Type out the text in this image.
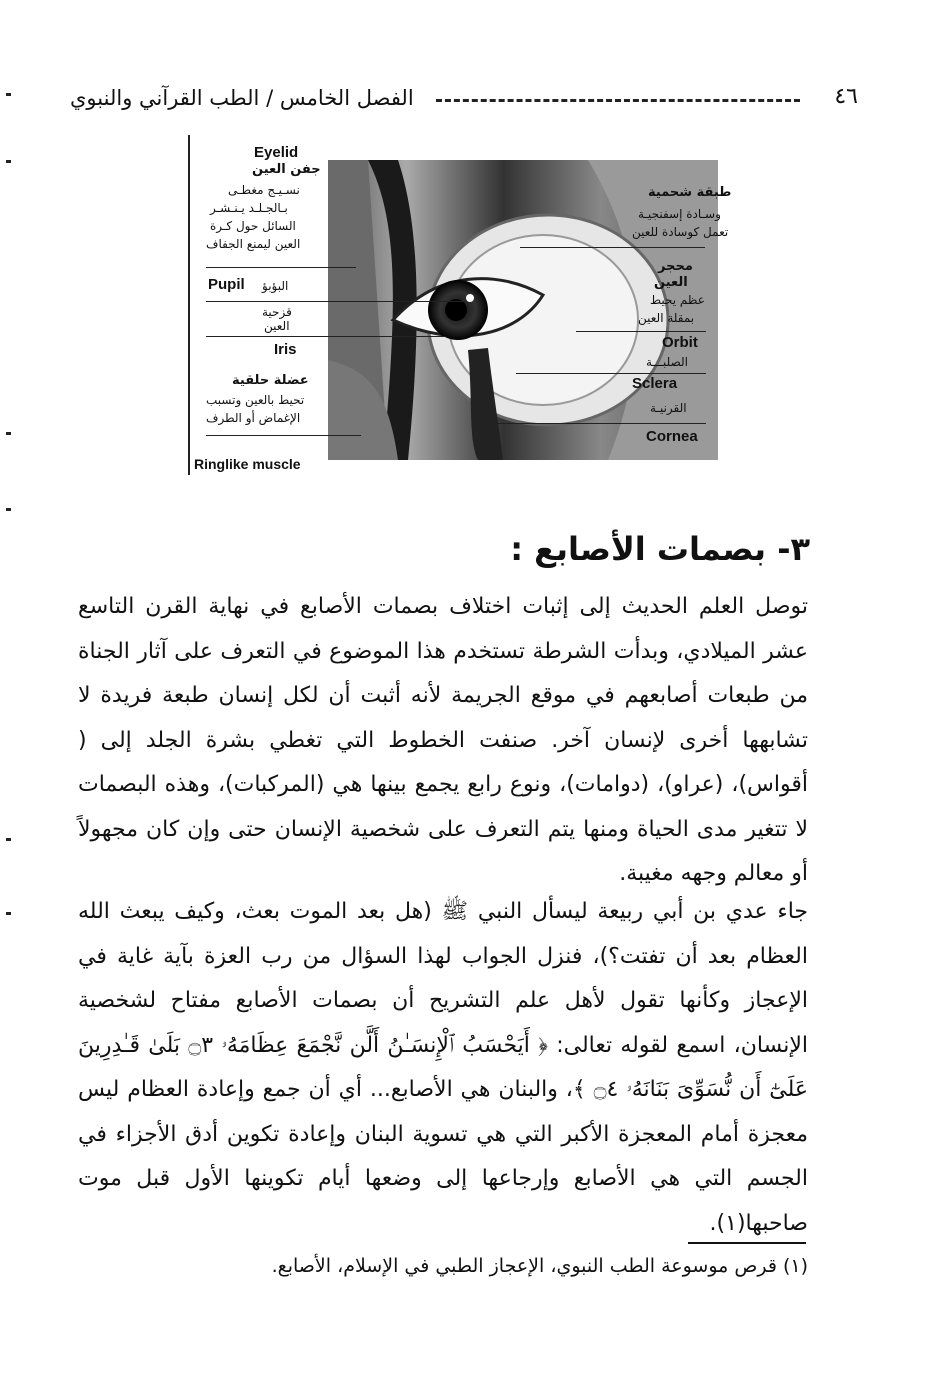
٤٦
الفصل الخامس / الطب القرآني والنبوي
Eyelid
جفن العين
نسـيـج مغطـى
بـالجـلـد يـنـشـر
السائل حول كـرة
العين ليمنع الجفاف
Pupil البؤبؤ
قزحية
العين
Iris
عضلة حلقية
تحيط بالعين وتسبب
الإغماض أو الطرف
Ringlike muscle
طبقة شحمية
وسـادة إسفنجيـة
تعمل كوسادة للعين
محجر
العين
عظم يحيط
بمقلة العين
Orbit
الصلبـــة
Sclera
القرنيـة
Cornea
٣- بصمات الأصابع :

توصل العلم الحديث إلى إثبات اختلاف بصمات الأصابع في نهاية القرن التاسع عشر الميلادي، وبدأت الشرطة تستخدم هذا الموضوع في التعرف على آثار الجناة من طبعات أصابعهم في موقع الجريمة لأنه أثبت أن لكل إنسان طبعة فريدة لا تشابهها أخرى لإنسان آخر. صنفت الخطوط التي تغطي بشرة الجلد إلى ( أقواس)، (عراو)، (دوامات)، ونوع رابع يجمع بينها هي (المركبات)، وهذه البصمات لا تتغير مدى الحياة ومنها يتم التعرف على شخصية الإنسان حتى وإن كان مجهولاً أو معالم وجهه مغيبة.

جاء عدي بن أبي ربيعة ليسأل النبي ﷺ (هل بعد الموت بعث، وكيف يبعث الله العظام بعد أن تفتت؟)، فنزل الجواب لهذا السؤال من رب العزة بآية غاية في الإعجاز وكأنها تقول لأهل علم التشريح أن بصمات الأصابع مفتاح لشخصية الإنسان، اسمع لقوله تعالى: ﴿ أَيَحْسَبُ ٱلْإِنسَـٰنُ أَلَّن نَّجْمَعَ عِظَامَهُۥ ۝٣ بَلَىٰ قَـٰدِرِينَ عَلَىٰٓ أَن نُّسَوِّىَ بَنَانَهُۥ ۝٤ ﴾، والبنان هي الأصابع... أي أن جمع وإعادة العظام ليس معجزة أمام المعجزة الأكبر التي هي تسوية البنان وإعادة تكوين أدق الأجزاء في الجسم التي هي الأصابع وإرجاعها إلى وضعها أيام تكوينها الأول قبل موت صاحبها(١).

(١) قرص موسوعة الطب النبوي، الإعجاز الطبي في الإسلام، الأصابع.
